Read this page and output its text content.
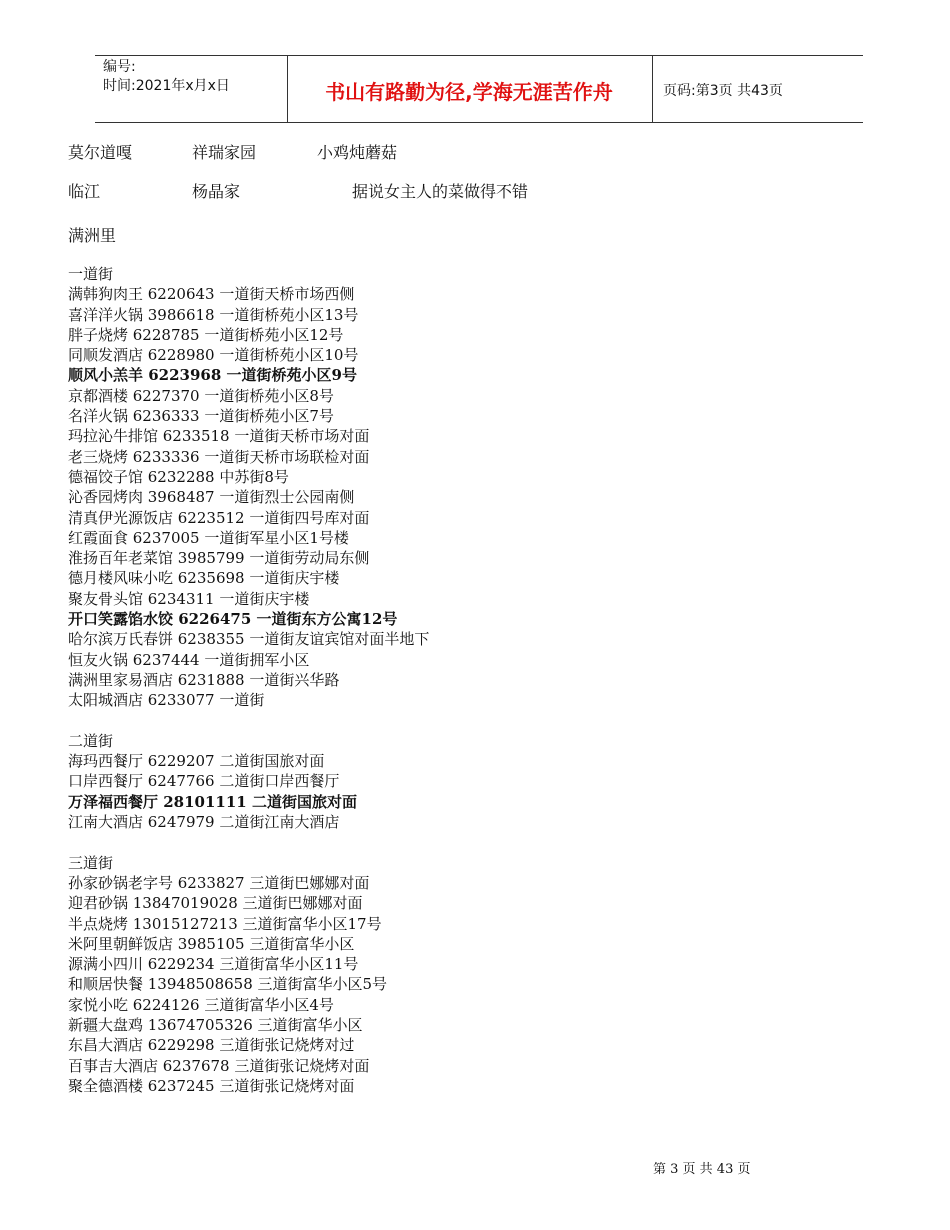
编号:
时间:2021年x月x日	书山有路勤为径,学海无涯苦作舟	页码:第3页 共43页
莫尔道嘎	祥瑞家园	小鸡炖蘑菇
临江	杨晶家	据说女主人的菜做得不错
满洲里
一道街
满韩狗肉王 6220643 一道街天桥市场西侧
喜洋洋火锅 3986618 一道街桥苑小区13号
胖子烧烤 6228785 一道街桥苑小区12号
同顺发酒店 6228980 一道街桥苑小区10号
顺风小羔羊 6223968 一道街桥苑小区9号
京都酒楼 6227370 一道街桥苑小区8号
名洋火锅 6236333 一道街桥苑小区7号
玛拉沁牛排馆 6233518 一道街天桥市场对面
老三烧烤 6233336 一道街天桥市场联检对面
德福饺子馆 6232288 中苏街8号
沁香园烤肉 3968487 一道街烈士公园南侧
清真伊光源饭店 6223512 一道街四号库对面
红霞面食 6237005 一道街军星小区1号楼
淮扬百年老菜馆 3985799 一道街劳动局东侧
德月楼风味小吃 6235698 一道街庆宇楼
聚友骨头馆 6234311 一道街庆宇楼
开口笑露馅水饺 6226475 一道街东方公寓12号
哈尔滨万氏春饼 6238355 一道街友谊宾馆对面半地下
恒友火锅 6237444 一道街拥军小区
满洲里家易酒店 6231888 一道街兴华路
太阳城酒店 6233077 一道街
二道街
海玛西餐厅 6229207 二道街国旅对面
口岸西餐厅 6247766 二道街口岸西餐厅
万泽福西餐厅 28101111 二道街国旅对面
江南大酒店 6247979 二道街江南大酒店
三道街
孙家砂锅老字号 6233827 三道街巴娜娜对面
迎君砂锅 13847019028 三道街巴娜娜对面
半点烧烤 13015127213 三道街富华小区17号
米阿里朝鲜饭店 3985105 三道街富华小区
源满小四川 6229234 三道街富华小区11号
和顺居快餐 13948508658 三道街富华小区5号
家悦小吃 6224126 三道街富华小区4号
新疆大盘鸡 13674705326 三道街富华小区
东昌大酒店 6229298 三道街张记烧烤对过
百事吉大酒店 6237678 三道街张记烧烤对面
聚全德酒楼 6237245 三道街张记烧烤对面
第 3 页 共 43 页
